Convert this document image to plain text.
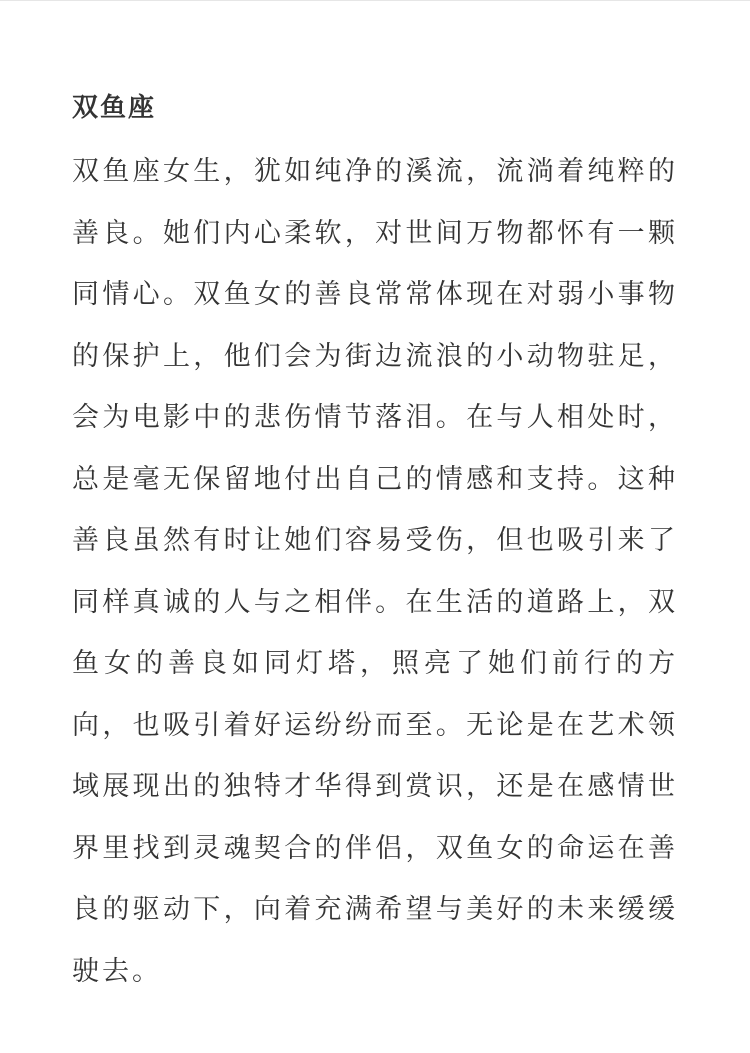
双鱼座

双鱼座女生，犹如纯净的溪流，流淌着纯粹的善良。她们内心柔软，对世间万物都怀有一颗同情心。双鱼女的善良常常体现在对弱小事物的保护上，他们会为街边流浪的小动物驻足，会为电影中的悲伤情节落泪。在与人相处时，总是毫无保留地付出自己的情感和支持。这种善良虽然有时让她们容易受伤，但也吸引来了同样真诚的人与之相伴。在生活的道路上，双鱼女的善良如同灯塔，照亮了她们前行的方向，也吸引着好运纷纷而至。无论是在艺术领域展现出的独特才华得到赏识，还是在感情世界里找到灵魂契合的伴侣，双鱼女的命运在善良的驱动下，向着充满希望与美好的未来缓缓驶去。
